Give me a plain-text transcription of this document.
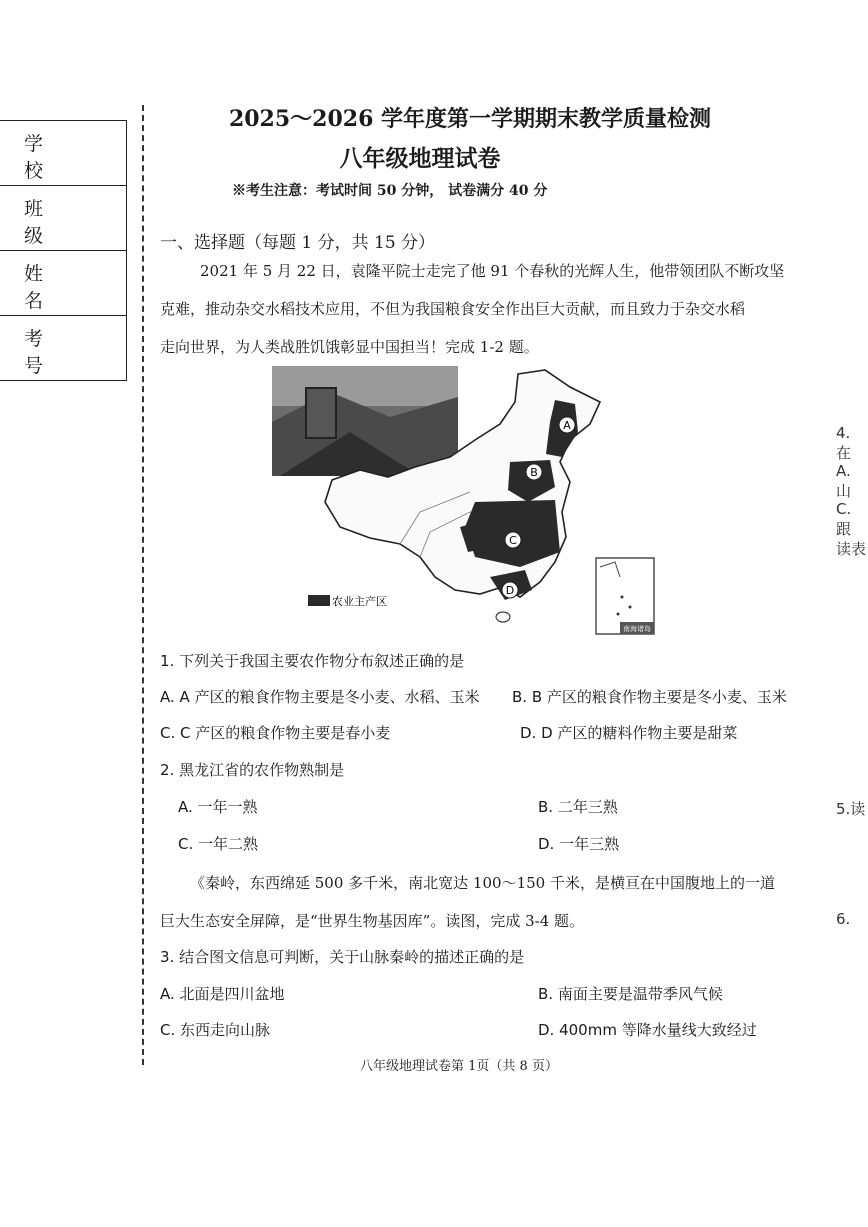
学校
班级
姓名
考号
2025～2026 学年度第一学期期末教学质量检测
八年级地理试卷
※考生注意：考试时间 50 分钟， 试卷满分 40 分
一、选择题（每题 1 分，共 15 分）
2021 年 5 月 22 日，袁隆平院士走完了他 91 个春秋的光辉人生，他带领团队不断攻坚
克难，推动杂交水稻技术应用，不但为我国粮食安全作出巨大贡献，而且致力于杂交水稻
走向世界，为人类战胜饥饿彰显中国担当！完成 1-2 题。
A
B
C
D
南海诸岛
农业主产区
1. 下列关于我国主要农作物分布叙述正确的是
A. A 产区的粮食作物主要是冬小麦、水稻、玉米 B. B 产区的粮食作物主要是冬小麦、玉米
C. C 产区的粮食作物主要是春小麦	D. D 产区的糖料作物主要是甜菜
2. 黑龙江省的农作物熟制是
A. 一年一熟	B. 二年三熟
C. 一年二熟	D. 一年三熟
《秦岭，东西绵延 500 多千米，南北宽达 100～150 千米，是横亘在中国腹地上的一道
巨大生态安全屏障，是“世界生物基因库”。读图，完成 3-4 题。
3. 结合图文信息可判断，关于山脉秦岭的描述正确的是
A. 北面是四川盆地	B. 南面主要是温带季风气候
C. 东西走向山脉	D. 400mm 等降水量线大致经过
八年级地理试卷第 1页（共 8 页）
4. 在
A. 山
C. 跟
读表
5.读
6.
